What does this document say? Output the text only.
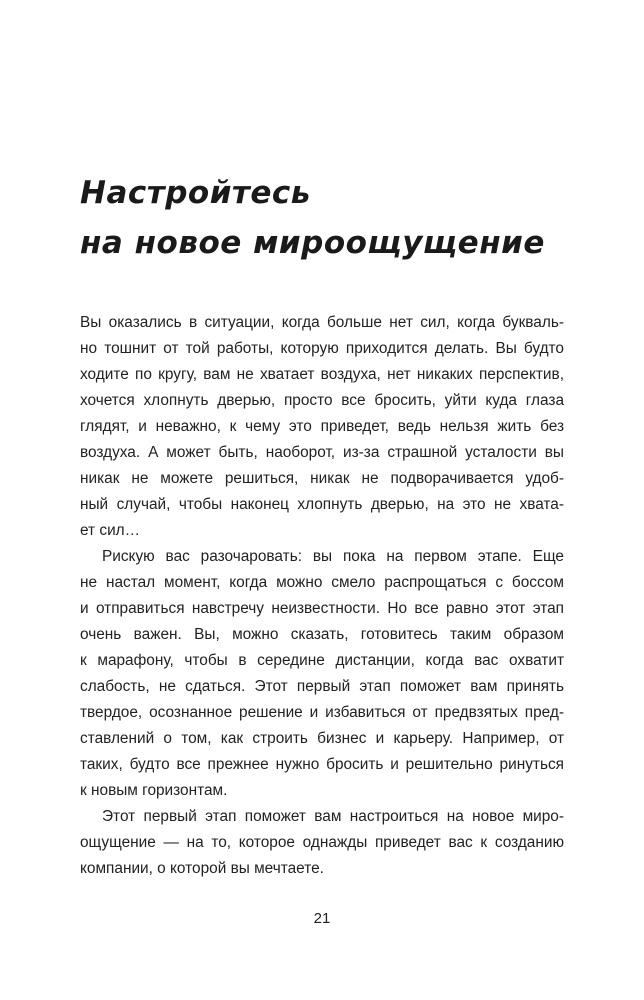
Настройтесь
на новое мироощущение

Вы оказались в ситуации, когда больше нет сил, когда букваль-
но тошнит от той работы, которую приходится делать. Вы будто
ходите по кругу, вам не хватает воздуха, нет никаких перспектив,
хочется хлопнуть дверью, просто все бросить, уйти куда глаза
глядят, и неважно, к чему это приведет, ведь нельзя жить без
воздуха. А может быть, наоборот, из-за страшной усталости вы
никак не можете решиться, никак не подворачивается удоб-
ный случай, чтобы наконец хлопнуть дверью, на это не хвата-
ет сил…

Рискую вас разочаровать: вы пока на первом этапе. Еще
не настал момент, когда можно смело распрощаться с боссом
и отправиться навстречу неизвестности. Но все равно этот этап
очень важен. Вы, можно сказать, готовитесь таким образом
к марафону, чтобы в середине дистанции, когда вас охватит
слабость, не сдаться. Этот первый этап поможет вам принять
твердое, осознанное решение и избавиться от предвзятых пред-
ставлений о том, как строить бизнес и карьеру. Например, от
таких, будто все прежнее нужно бросить и решительно ринуться
к новым горизонтам.

Этот первый этап поможет вам настроиться на новое миро-
ощущение — на то, которое однажды приведет вас к созданию
компании, о которой вы мечтаете.

21
